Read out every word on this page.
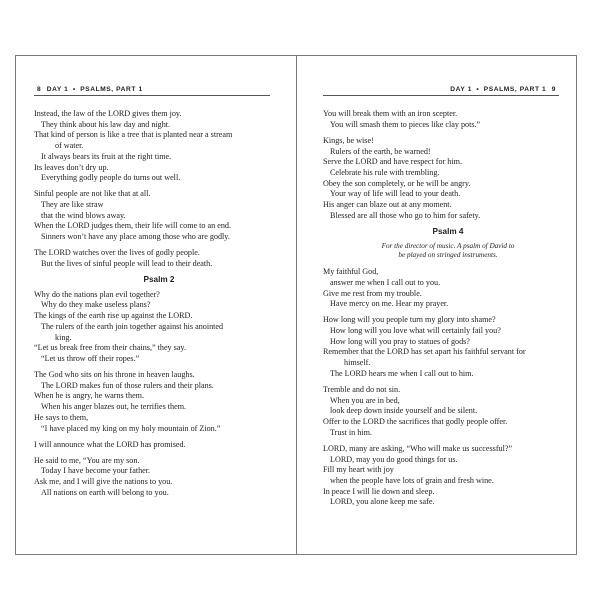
8 DAY 1 • PSALMS, PART 1
Instead, the law of the LORD gives them joy.
They think about his law day and night.
That kind of person is like a tree that is planted near a stream
of water.
It always bears its fruit at the right time.
Its leaves don’t dry up.
Everything godly people do turns out well.
Sinful people are not like that at all.
They are like straw
that the wind blows away.
When the LORD judges them, their life will come to an end.
Sinners won’t have any place among those who are godly.
The LORD watches over the lives of godly people.
But the lives of sinful people will lead to their death.
Psalm 2
Why do the nations plan evil together?
Why do they make useless plans?
The kings of the earth rise up against the LORD.
The rulers of the earth join together against his anointed
king.
“Let us break free from their chains,” they say.
“Let us throw off their ropes.”
The God who sits on his throne in heaven laughs.
The LORD makes fun of those rulers and their plans.
When he is angry, he warns them.
When his anger blazes out, he terrifies them.
He says to them,
“I have placed my king on my holy mountain of Zion.”
I will announce what the LORD has promised.
He said to me, “You are my son.
Today I have become your father.
Ask me, and I will give the nations to you.
All nations on earth will belong to you.
DAY 1 • PSALMS, PART 1 9
You will break them with an iron scepter.
You will smash them to pieces like clay pots.”
Kings, be wise!
Rulers of the earth, be warned!
Serve the LORD and have respect for him.
Celebrate his rule with trembling.
Obey the son completely, or he will be angry.
Your way of life will lead to your death.
His anger can blaze out at any moment.
Blessed are all those who go to him for safety.
Psalm 4
For the director of music. A psalm of David to
be played on stringed instruments.
My faithful God,
answer me when I call out to you.
Give me rest from my trouble.
Have mercy on me. Hear my prayer.
How long will you people turn my glory into shame?
How long will you love what will certainly fail you?
How long will you pray to statues of gods?
Remember that the LORD has set apart his faithful servant for
himself.
The LORD hears me when I call out to him.
Tremble and do not sin.
When you are in bed,
look deep down inside yourself and be silent.
Offer to the LORD the sacrifices that godly people offer.
Trust in him.
LORD, many are asking, “Who will make us successful?”
LORD, may you do good things for us.
Fill my heart with joy
when the people have lots of grain and fresh wine.
In peace I will lie down and sleep.
LORD, you alone keep me safe.
